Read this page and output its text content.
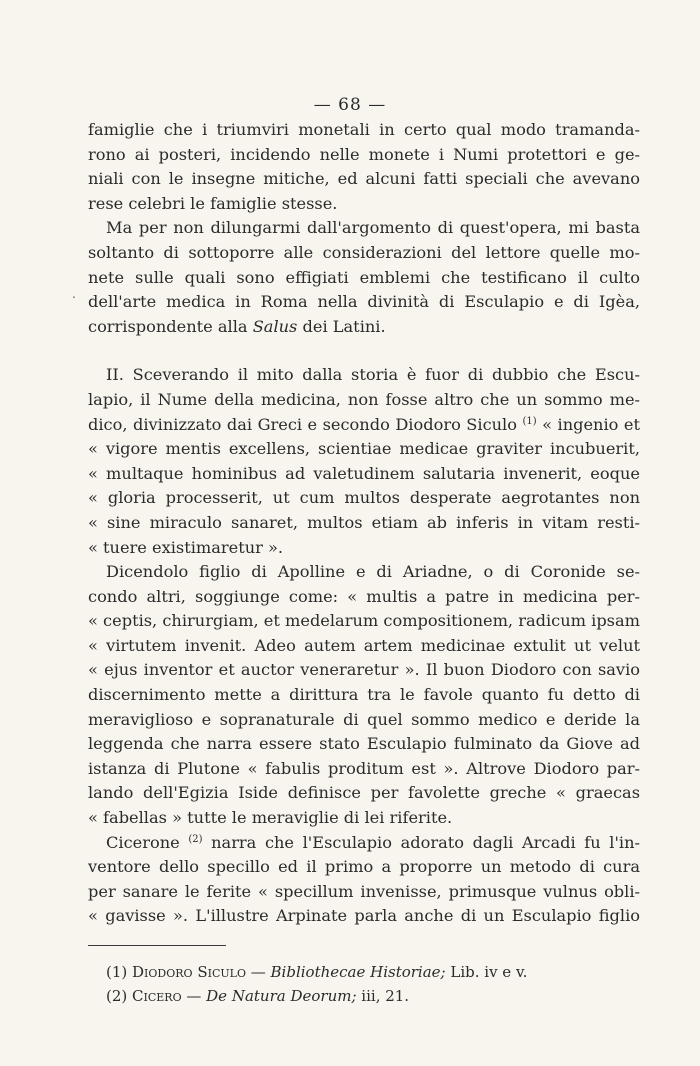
— 68 —
.
famiglie che i triumviri monetali in certo qual modo tramanda-
rono ai posteri, incidendo nelle monete i Numi protettori e ge-
niali con le insegne mitiche, ed alcuni fatti speciali che avevano
rese celebri le famiglie stesse.
Ma per non dilungarmi dall'argomento di quest'opera, mi basta
soltanto di sottoporre alle considerazioni del lettore quelle mo-
nete sulle quali sono effigiati emblemi che testificano il culto
dell'arte medica in Roma nella divinità di Esculapio e di Igèa,
corrispondente alla Salus dei Latini.
II. Sceverando il mito dalla storia è fuor di dubbio che Escu-
lapio, il Nume della medicina, non fosse altro che un sommo me-
dico, divinizzato dai Greci e secondo Diodoro Siculo $^{(1)}$ « ingenio et
« vigore mentis excellens, scientiae medicae graviter incubuerit,
« multaque hominibus ad valetudinem salutaria invenerit, eoque
« gloria processerit, ut cum multos desperate aegrotantes non
« sine miraculo sanaret, multos etiam ab inferis in vitam resti-
« tuere existimaretur ».
Dicendolo figlio di Apolline e di Ariadne, o di Coronide se-
condo altri, soggiunge come: « multis a patre in medicina per-
« ceptis, chirurgiam, et medelarum compositionem, radicum ipsam
« virtutem invenit. Adeo autem artem medicinae extulit ut velut
« ejus inventor et auctor veneraretur ». Il buon Diodoro con savio
discernimento mette a dirittura tra le favole quanto fu detto di
meraviglioso e sopranaturale di quel sommo medico e deride la
leggenda che narra essere stato Esculapio fulminato da Giove ad
istanza di Plutone « fabulis proditum est ». Altrove Diodoro par-
lando dell'Egizia Iside definisce per favolette greche « graecas
« fabellas » tutte le meraviglie di lei riferite.
Cicerone $^{(2)}$ narra che l'Esculapio adorato dagli Arcadi fu l'in-
ventore dello specillo ed il primo a proporre un metodo di cura
per sanare le ferite « specillum invenisse, primusque vulnus obli-
« gavisse ». L'illustre Arpinate parla anche di un Esculapio figlio
(1) Diodoro Siculo — Bibliothecae Historiae; Lib. iv e v.
(2) Cicero — De Natura Deorum; iii, 21.
